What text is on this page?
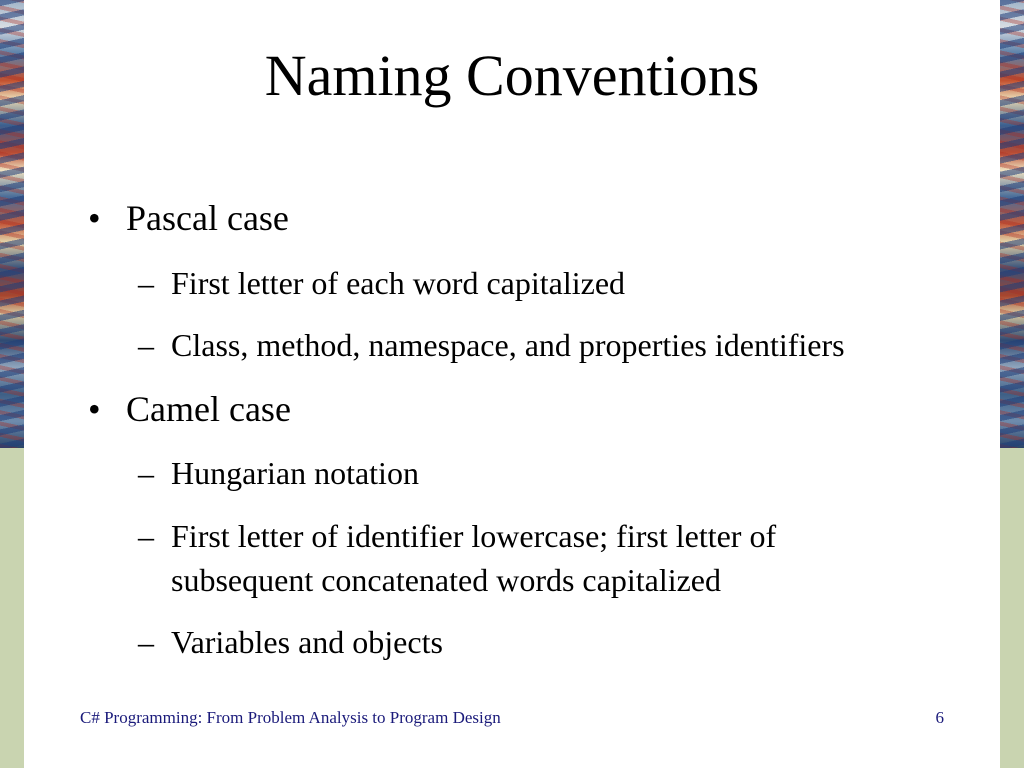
Naming Conventions
• Pascal case
– First letter of each word capitalized
– Class, method, namespace, and properties identifiers
• Camel case
– Hungarian notation
– First letter of identifier lowercase; first letter of
subsequent concatenated words capitalized
– Variables and objects
C# Programming: From Problem Analysis to Program Design	6
